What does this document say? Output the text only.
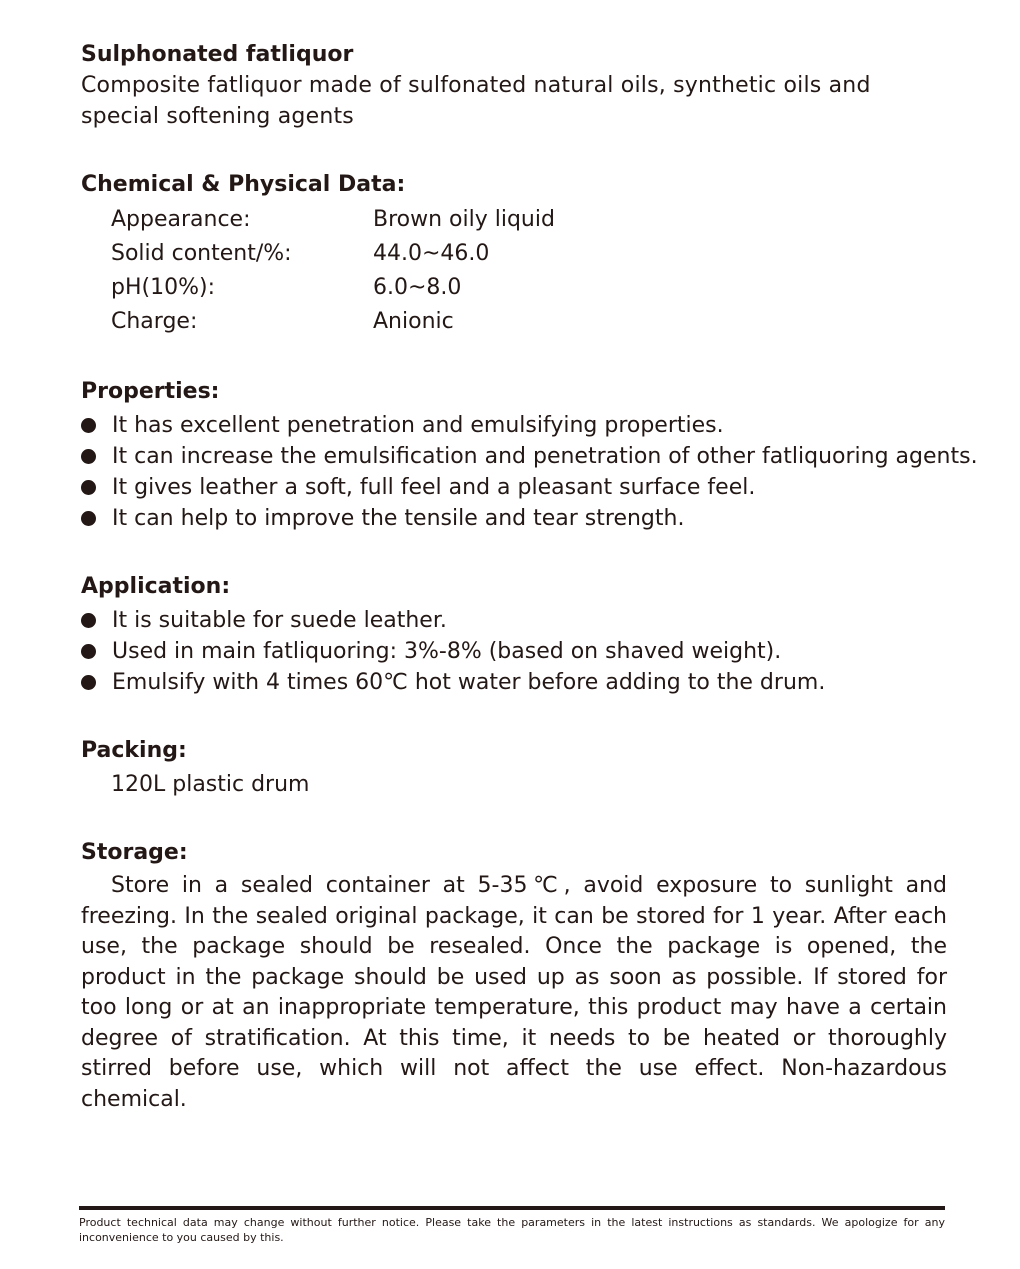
Sulphonated fatliquor

Composite fatliquor made of sulfonated natural oils, synthetic oils and special softening agents

Chemical & Physical Data:
Appearance:	Brown oily liquid
Solid content/%:	44.0~46.0
pH(10%):	6.0~8.0
Charge:	Anionic
Properties:
It has excellent penetration and emulsifying properties.
It can increase the emulsification and penetration of other fatliquoring agents.
It gives leather a soft, full feel and a pleasant surface feel.
It can help to improve the tensile and tear strength.
Application:
It is suitable for suede leather.
Used in main fatliquoring: 3%-8% (based on shaved weight).
Emulsify with 4 times 60℃ hot water before adding to the drum.
Packing:
120L plastic drum
Storage:

Store in a sealed container at 5-35℃, avoid exposure to sunlight and freezing. In the sealed original package, it can be stored for 1 year. After each use, the package should be resealed. Once the package is opened, the product in the package should be used up as soon as possible. If stored for too long or at an inappropriate temperature, this product may have a certain degree of stratification. At this time, it needs to be heated or thoroughly stirred before use, which will not affect the use effect. Non-hazardous chemical.

Product technical data may change without further notice. Please take the parameters in the latest instructions as standards. We apologize for any inconvenience to you caused by this.
